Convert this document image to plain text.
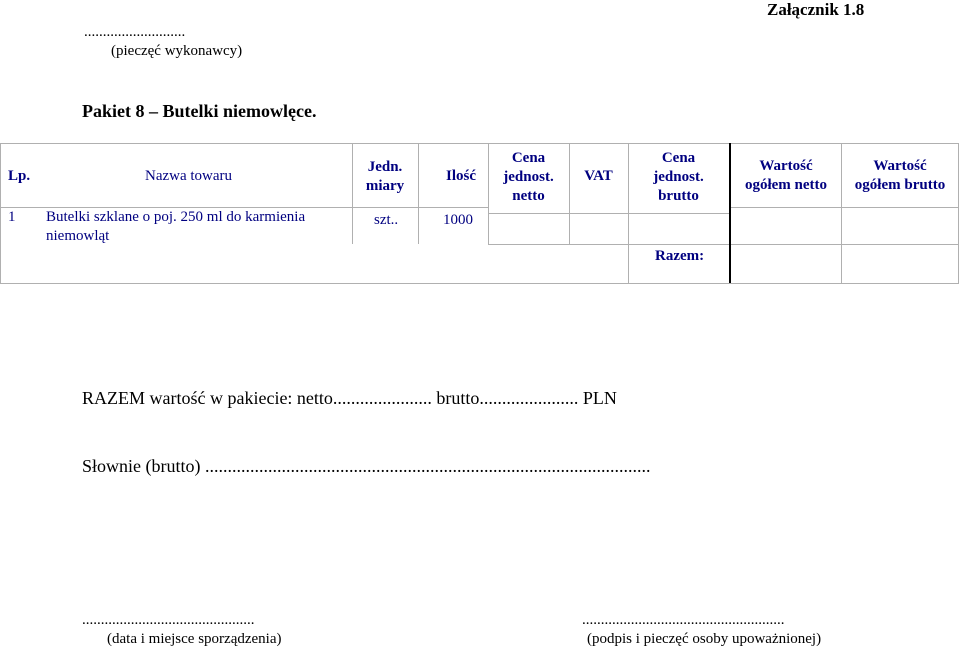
Załącznik 1.8
...........................
(pieczęć wykonawcy)
Pakiet 8 – Butelki niemowlęce.
Lp.	Nazwa towaru
Jedn.
miary
Ilość
Cena
jednost.
netto
VAT
Cena
jednost.
brutto
Wartość
ogółem netto
Wartość
ogółem brutto
1 Butelki szklane o poj. 250 ml do karmienia
niemowląt
szt..	1000
Razem:
RAZEM wartość w pakiecie: netto...................... brutto...................... PLN
Słownie (brutto) ...................................................................................................
..............................................
(data i miejsce sporządzenia)
......................................................
(podpis i pieczęć osoby upoważnionej)
